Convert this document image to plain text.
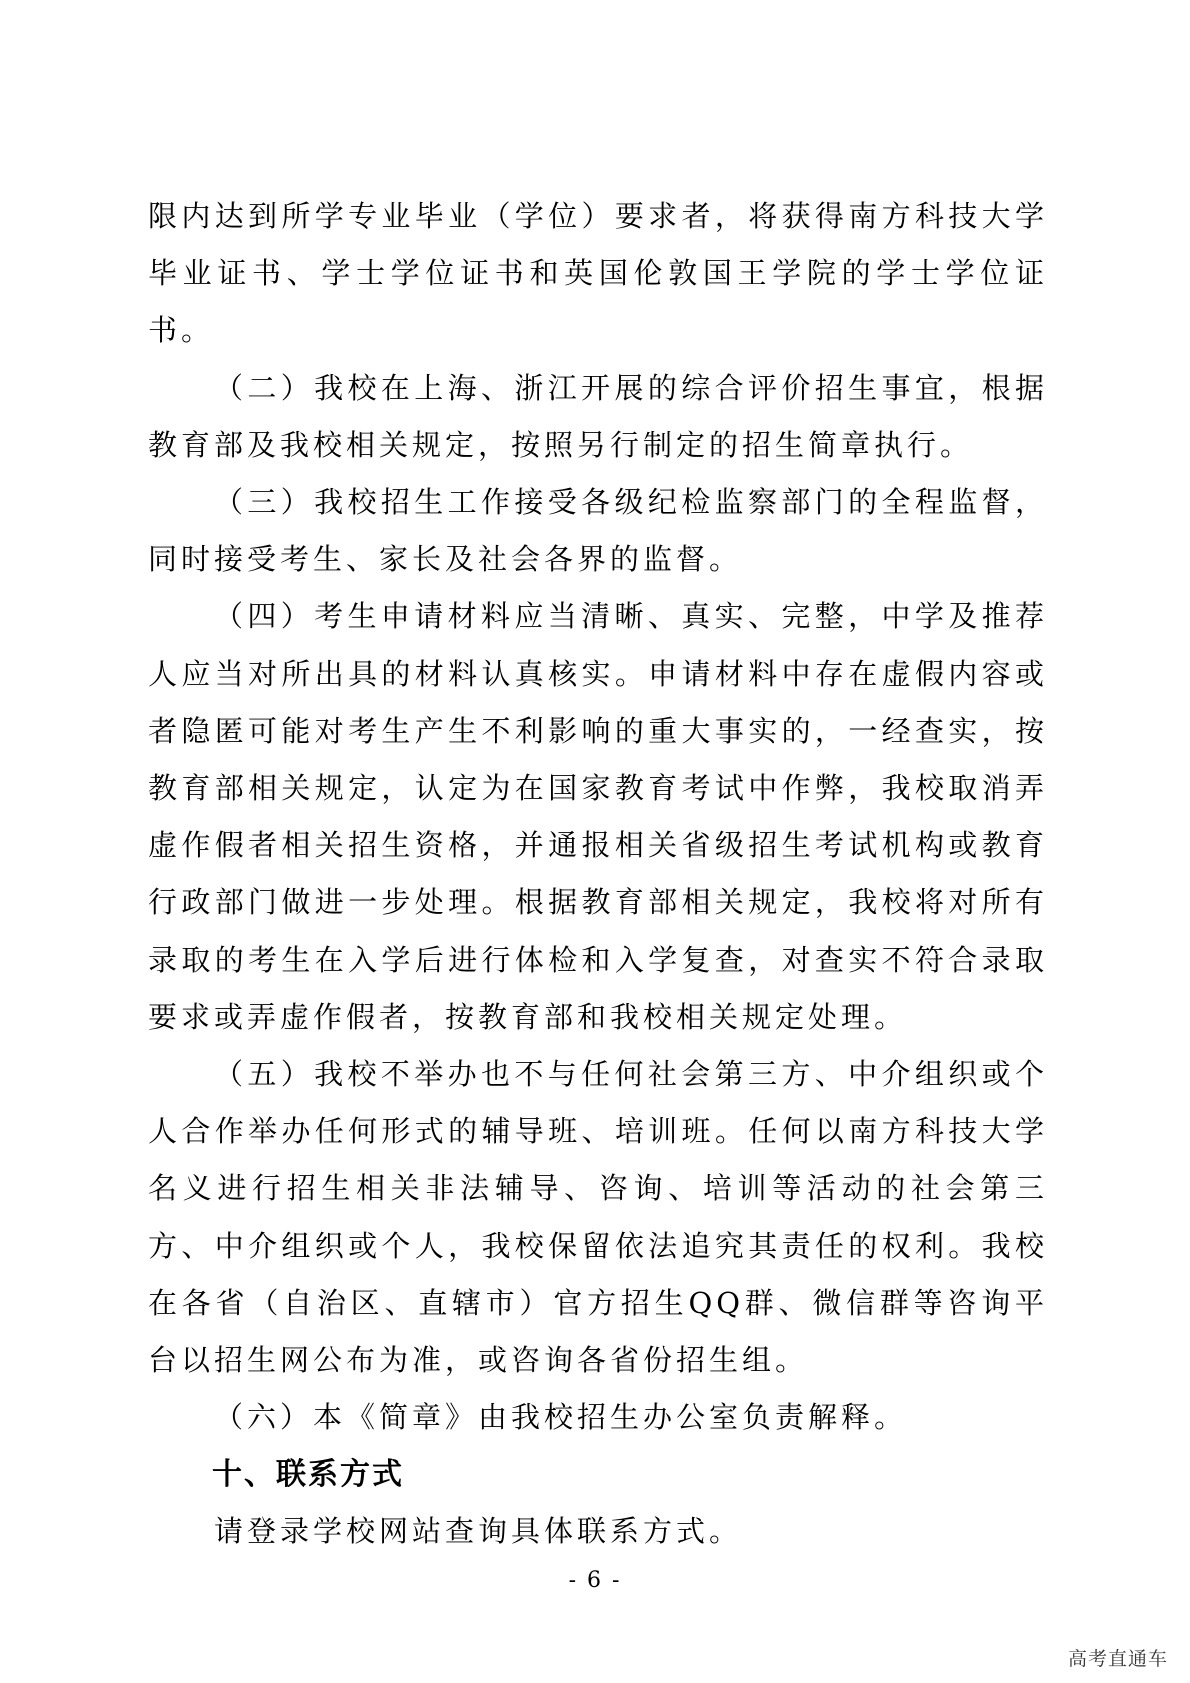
限内达到所学专业毕业（学位）要求者，将获得南方科技大学毕业证书、学士学位证书和英国伦敦国王学院的学士学位证书。

（二）我校在上海、浙江开展的综合评价招生事宜，根据教育部及我校相关规定，按照另行制定的招生简章执行。

（三）我校招生工作接受各级纪检监察部门的全程监督，同时接受考生、家长及社会各界的监督。

（四）考生申请材料应当清晰、真实、完整，中学及推荐人应当对所出具的材料认真核实。申请材料中存在虚假内容或者隐匿可能对考生产生不利影响的重大事实的，一经查实，按教育部相关规定，认定为在国家教育考试中作弊，我校取消弄虚作假者相关招生资格，并通报相关省级招生考试机构或教育行政部门做进一步处理。根据教育部相关规定，我校将对所有录取的考生在入学后进行体检和入学复查，对查实不符合录取要求或弄虚作假者，按教育部和我校相关规定处理。

（五）我校不举办也不与任何社会第三方、中介组织或个人合作举办任何形式的辅导班、培训班。任何以南方科技大学名义进行招生相关非法辅导、咨询、培训等活动的社会第三方、中介组织或个人，我校保留依法追究其责任的权利。我校在各省（自治区、直辖市）官方招生QQ群、微信群等咨询平台以招生网公布为准，或咨询各省份招生组。

（六）本《简章》由我校招生办公室负责解释。

十、联系方式

请登录学校网站查询具体联系方式。

- 6 -
高考直通车
